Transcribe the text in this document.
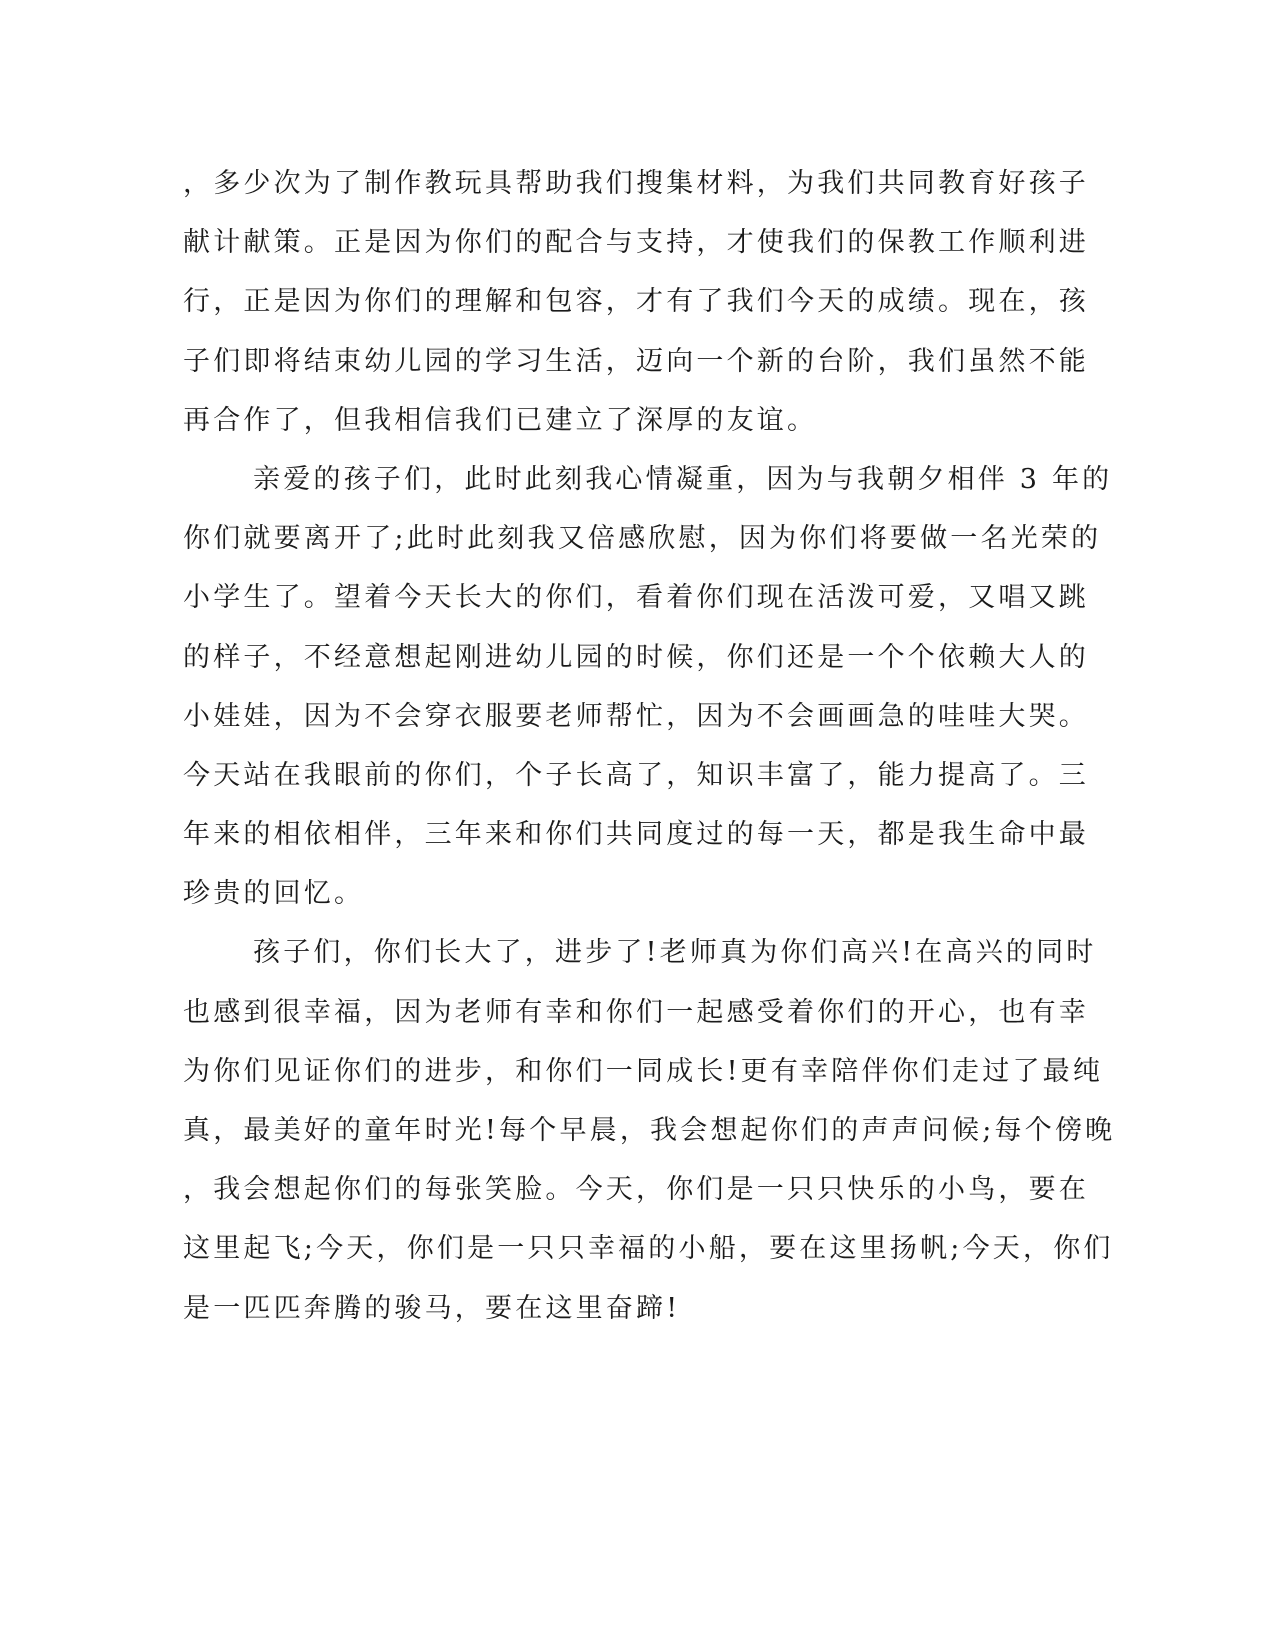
，多少次为了制作教玩具帮助我们搜集材料，为我们共同教育好孩子
献计献策。正是因为你们的配合与支持，才使我们的保教工作顺利进
行，正是因为你们的理解和包容，才有了我们今天的成绩。现在，孩
子们即将结束幼儿园的学习生活，迈向一个新的台阶，我们虽然不能
再合作了，但我相信我们已建立了深厚的友谊。
亲爱的孩子们，此时此刻我心情凝重，因为与我朝夕相伴 3 年的
你们就要离开了;此时此刻我又倍感欣慰，因为你们将要做一名光荣的
小学生了。望着今天长大的你们，看着你们现在活泼可爱，又唱又跳
的样子，不经意想起刚进幼儿园的时候，你们还是一个个依赖大人的
小娃娃，因为不会穿衣服要老师帮忙，因为不会画画急的哇哇大哭。
今天站在我眼前的你们，个子长高了，知识丰富了，能力提高了。三
年来的相依相伴，三年来和你们共同度过的每一天，都是我生命中最
珍贵的回忆。
孩子们，你们长大了，进步了!老师真为你们高兴!在高兴的同时
也感到很幸福，因为老师有幸和你们一起感受着你们的开心，也有幸
为你们见证你们的进步，和你们一同成长!更有幸陪伴你们走过了最纯
真，最美好的童年时光!每个早晨，我会想起你们的声声问候;每个傍晚
，我会想起你们的每张笑脸。今天，你们是一只只快乐的小鸟，要在
这里起飞;今天，你们是一只只幸福的小船，要在这里扬帆;今天，你们
是一匹匹奔腾的骏马，要在这里奋蹄!
